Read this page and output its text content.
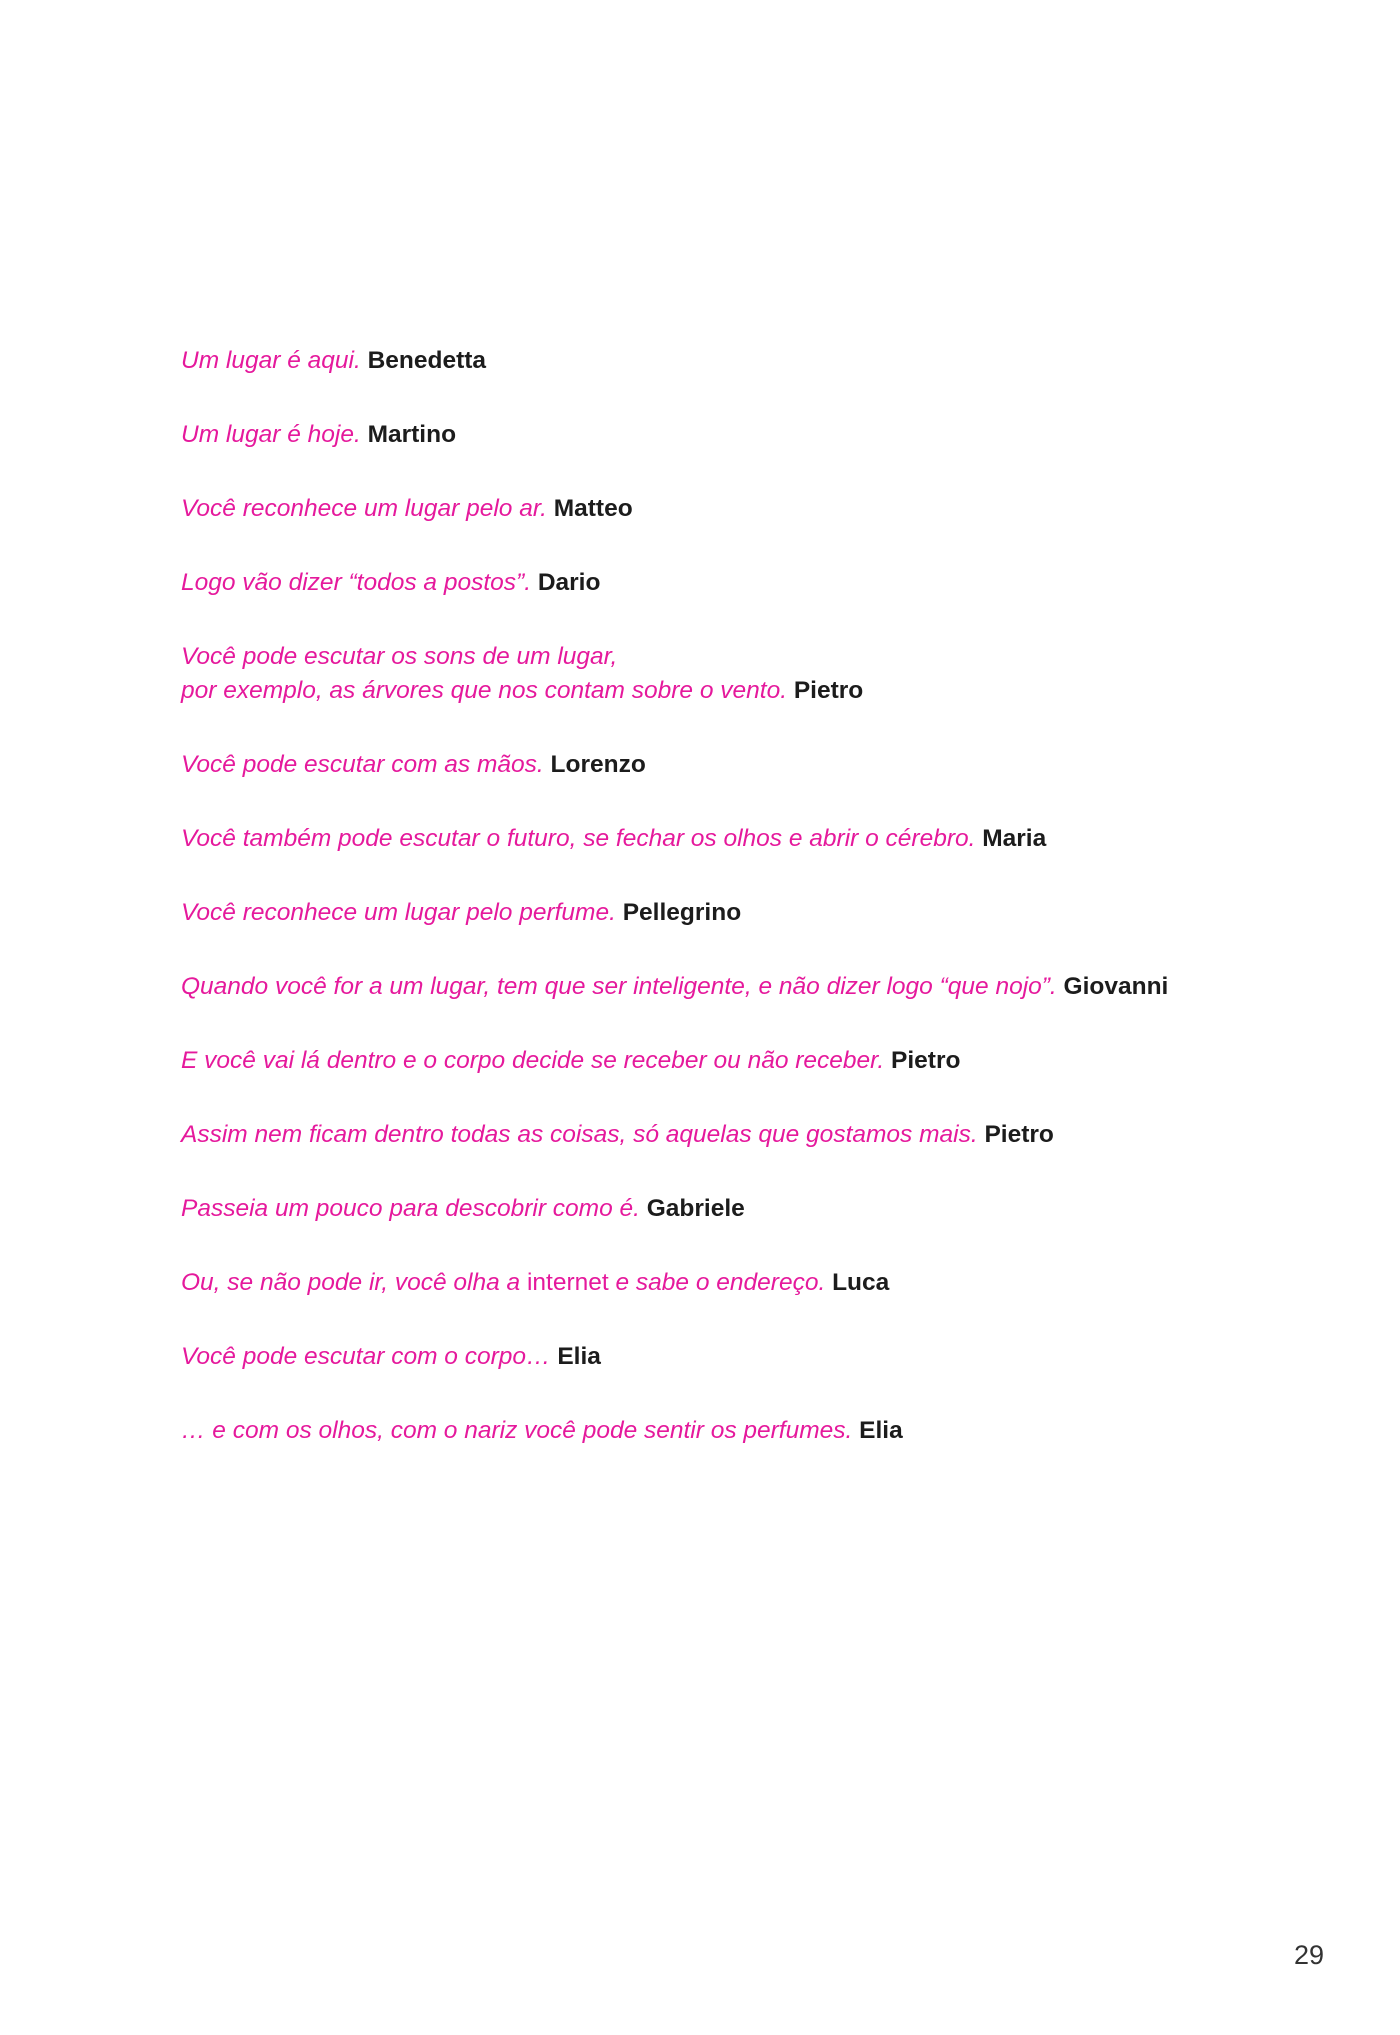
Um lugar é aqui. Benedetta

Um lugar é hoje. Martino

Você reconhece um lugar pelo ar. Matteo

Logo vão dizer “todos a postos”. Dario

Você pode escutar os sons de um lugar,
por exemplo, as árvores que nos contam sobre o vento. Pietro

Você pode escutar com as mãos. Lorenzo

Você também pode escutar o futuro, se fechar os olhos e abrir o cérebro. Maria

Você reconhece um lugar pelo perfume. Pellegrino

Quando você for a um lugar, tem que ser inteligente, e não dizer logo “que nojo”. Giovanni

E você vai lá dentro e o corpo decide se receber ou não receber. Pietro

Assim nem ficam dentro todas as coisas, só aquelas que gostamos mais. Pietro

Passeia um pouco para descobrir como é. Gabriele

Ou, se não pode ir, você olha a internet e sabe o endereço. Luca

Você pode escutar com o corpo… Elia

… e com os olhos, com o nariz você pode sentir os perfumes. Elia

29
